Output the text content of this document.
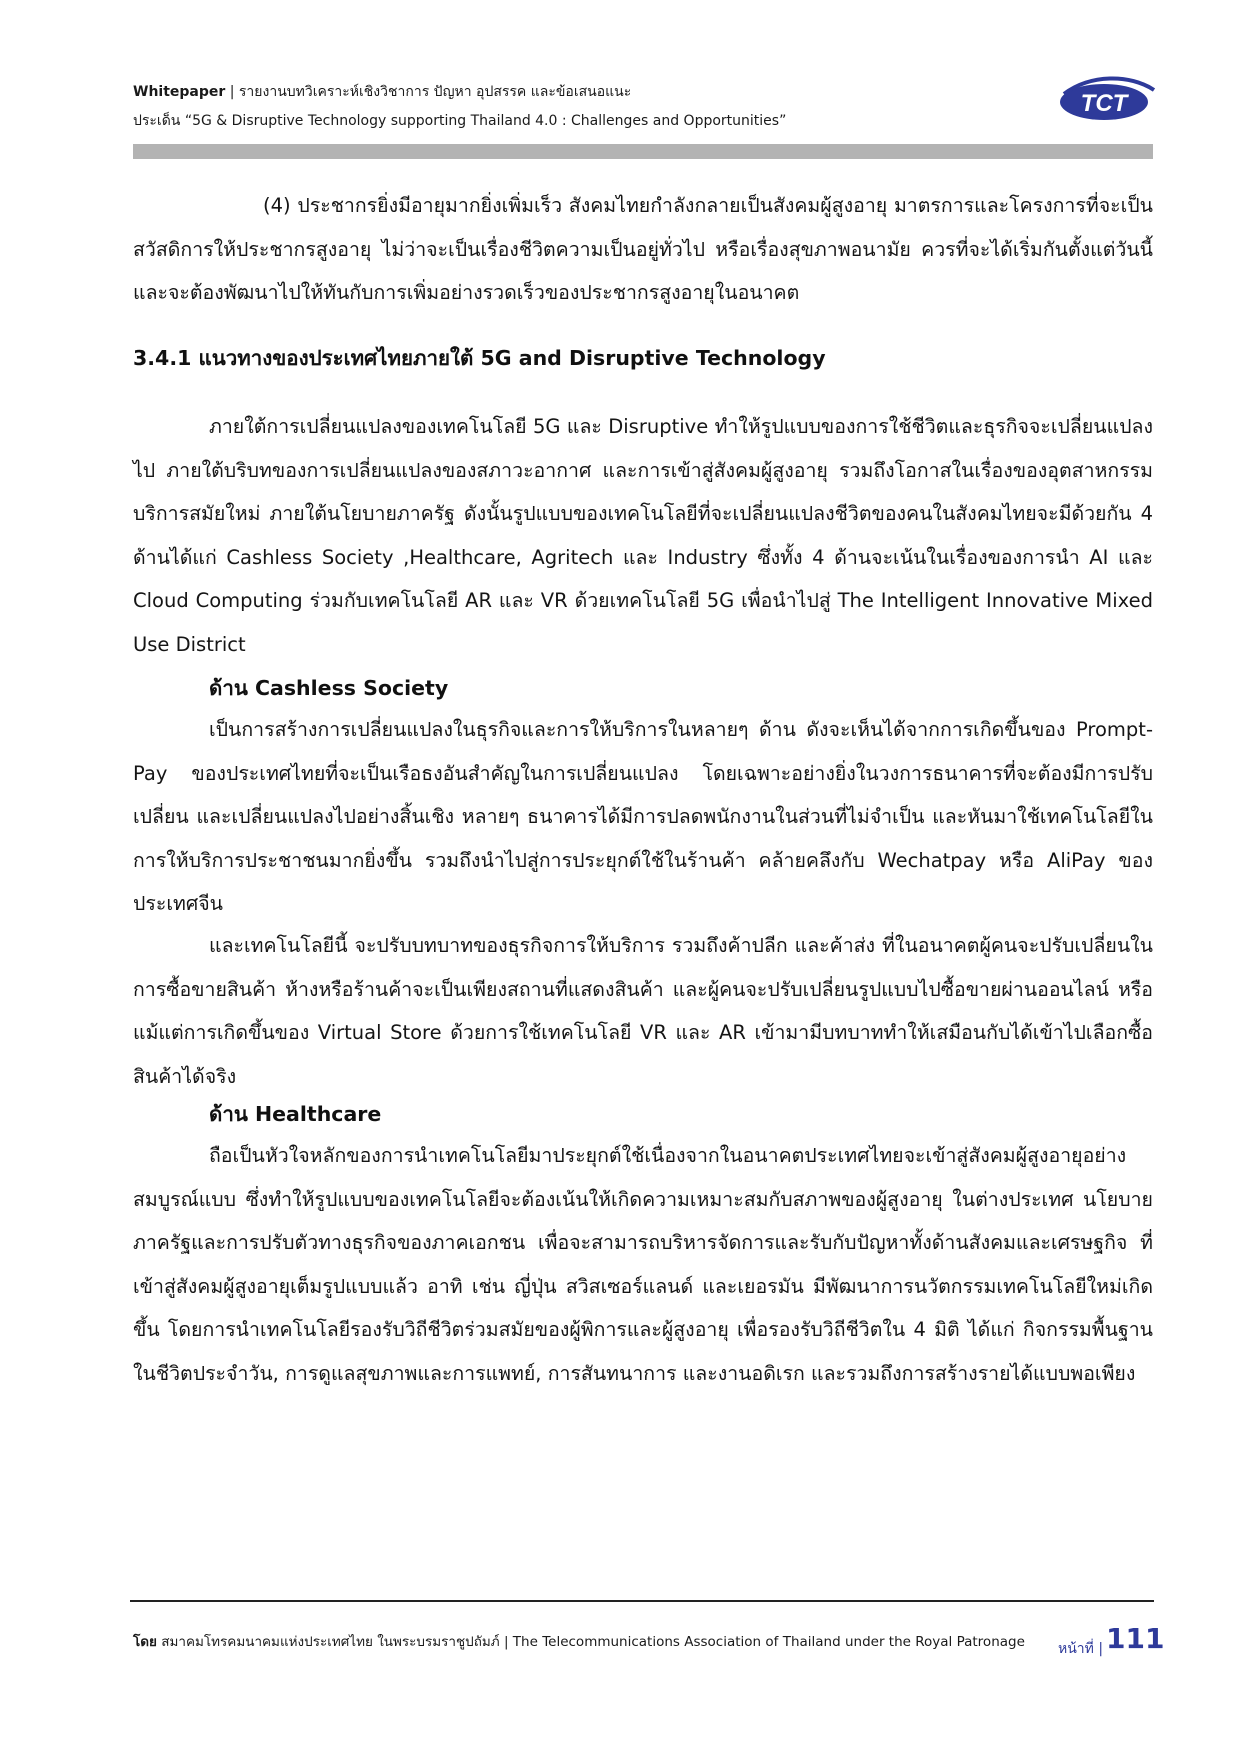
Whitepaper | รายงานบทวิเคราะห์เชิงวิชาการ ปัญหา อุปสรรค และข้อเสนอแนะ
ประเด็น “5G & Disruptive Technology supporting Thailand 4.0 : Challenges and Opportunities”
TCT
(4) ประชากรยิ่งมีอายุมากยิ่งเพิ่มเร็ว สังคมไทยกำลังกลายเป็นสังคมผู้สูงอายุ มาตรการและโครงการที่จะเป็นสวัสดิการให้ประชากรสูงอายุ ไม่ว่าจะเป็นเรื่องชีวิตความเป็นอยู่ทั่วไป หรือเรื่องสุขภาพอนามัย ควรที่จะได้เริ่มกันตั้งแต่วันนี้ และจะต้องพัฒนาไปให้ทันกับการเพิ่มอย่างรวดเร็วของประชากรสูงอายุในอนาคต
3.4.1 แนวทางของประเทศไทยภายใต้ 5G and Disruptive Technology
ภายใต้การเปลี่ยนแปลงของเทคโนโลยี 5G และ Disruptive ทำให้รูปแบบของการใช้ชีวิตและธุรกิจจะเปลี่ยนแปลงไป ภายใต้บริบทของการเปลี่ยนแปลงของสภาวะอากาศ และการเข้าสู่สังคมผู้สูงอายุ รวมถึงโอกาสในเรื่องของอุตสาหกรรมบริการสมัยใหม่ ภายใต้นโยบายภาครัฐ ดังนั้นรูปแบบของเทคโนโลยีที่จะเปลี่ยนแปลงชีวิตของคนในสังคมไทยจะมีด้วยกัน 4 ด้านได้แก่ Cashless Society ,Healthcare, Agritech และ Industry ซึ่งทั้ง 4 ด้านจะเน้นในเรื่องของการนำ AI และ Cloud Computing ร่วมกับเทคโนโลยี AR และ VR ด้วยเทคโนโลยี 5G เพื่อนำไปสู่ The Intelligent Innovative Mixed Use District
ด้าน Cashless Society
เป็นการสร้างการเปลี่ยนแปลงในธุรกิจและการให้บริการในหลายๆ ด้าน ดังจะเห็นได้จากการเกิดขึ้นของ Prompt-Pay ของประเทศไทยที่จะเป็นเรือธงอันสำคัญในการเปลี่ยนแปลง โดยเฉพาะอย่างยิ่งในวงการธนาคารที่จะต้องมีการปรับเปลี่ยน และเปลี่ยนแปลงไปอย่างสิ้นเชิง หลายๆ ธนาคารได้มีการปลดพนักงานในส่วนที่ไม่จำเป็น และหันมาใช้เทคโนโลยีในการให้บริการประชาชนมากยิ่งขึ้น รวมถึงนำไปสู่การประยุกต์ใช้ในร้านค้า คล้ายคลึงกับ Wechatpay หรือ AliPay ของประเทศจีน
และเทคโนโลยีนี้ จะปรับบทบาทของธุรกิจการให้บริการ รวมถึงค้าปลีก และค้าส่ง ที่ในอนาคตผู้คนจะปรับเปลี่ยนในการซื้อขายสินค้า ห้างหรือร้านค้าจะเป็นเพียงสถานที่แสดงสินค้า และผู้คนจะปรับเปลี่ยนรูปแบบไปซื้อขายผ่านออนไลน์ หรือแม้แต่การเกิดขึ้นของ Virtual Store ด้วยการใช้เทคโนโลยี VR และ AR เข้ามามีบทบาททำให้เสมือนกับได้เข้าไปเลือกซื้อสินค้าได้จริง
ด้าน Healthcare
ถือเป็นหัวใจหลักของการนำเทคโนโลยีมาประยุกต์ใช้เนื่องจากในอนาคตประเทศไทยจะเข้าสู่สังคมผู้สูงอายุอย่างสมบูรณ์แบบ ซึ่งทำให้รูปแบบของเทคโนโลยีจะต้องเน้นให้เกิดความเหมาะสมกับสภาพของผู้สูงอายุ ในต่างประเทศ นโยบายภาครัฐและการปรับตัวทางธุรกิจของภาคเอกชน เพื่อจะสามารถบริหารจัดการและรับกับปัญหาทั้งด้านสังคมและเศรษฐกิจ ที่เข้าสู่สังคมผู้สูงอายุเต็มรูปแบบแล้ว อาทิ เช่น ญี่ปุ่น สวิสเซอร์แลนด์ และเยอรมัน มีพัฒนาการนวัตกรรมเทคโนโลยีใหม่เกิดขึ้น โดยการนำเทคโนโลยีรองรับวิถีชีวิตร่วมสมัยของผู้พิการและผู้สูงอายุ เพื่อรองรับวิถีชีวิตใน 4 มิติ ได้แก่ กิจกรรมพื้นฐานในชีวิตประจำวัน, การดูแลสุขภาพและการแพทย์, การสันทนาการ และงานอดิเรก และรวมถึงการสร้างรายได้แบบพอเพียง
โดย สมาคมโทรคมนาคมแห่งประเทศไทย ในพระบรมราชูปถัมภ์ | The Telecommunications Association of Thailand under the Royal Patronage หน้าที่ | 111
